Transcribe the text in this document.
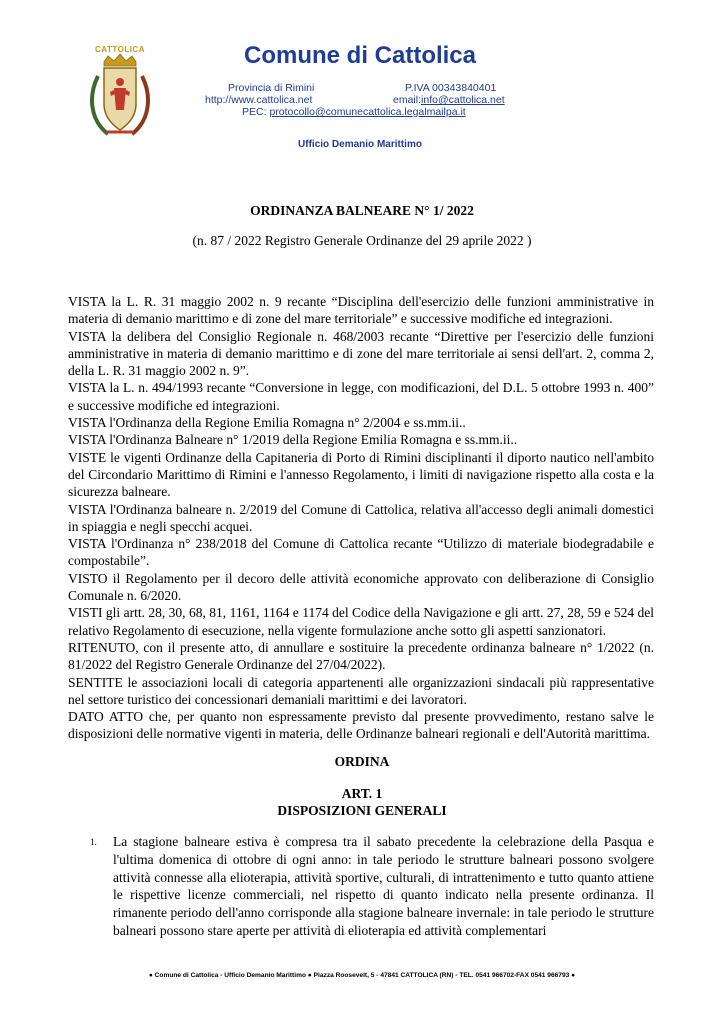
CATTOLICA	Comune di Cattolica
Provincia di Rimini	P.IVA 00343840401
http://www.cattolica.net	email:info@cattolica.net
PEC: protocollo@comunecattolica.legalmailpa.it
Ufficio Demanio Marittimo
ORDINANZA BALNEARE N° 1/ 2022
(n. 87 / 2022 Registro Generale Ordinanze del 29 aprile 2022 )

VISTA la L. R. 31 maggio 2002 n. 9 recante “Disciplina dell'esercizio delle funzioni amministrative in materia di demanio marittimo e di zone del mare territoriale” e successive modifiche ed integrazioni.

VISTA la delibera del Consiglio Regionale n. 468/2003 recante “Direttive per l'esercizio delle funzioni amministrative in materia di demanio marittimo e di zone del mare territoriale ai sensi dell'art. 2, comma 2, della L. R. 31 maggio 2002 n. 9”.

VISTA la L. n. 494/1993 recante “Conversione in legge, con modificazioni, del D.L. 5 ottobre 1993 n. 400” e successive modifiche ed integrazioni.

VISTA l'Ordinanza della Regione Emilia Romagna n° 2/2004 e ss.mm.ii..

VISTA l'Ordinanza Balneare n° 1/2019 della Regione Emilia Romagna e ss.mm.ii..

VISTE le vigenti Ordinanze della Capitaneria di Porto di Rimini disciplinanti il diporto nautico nell'ambito del Circondario Marittimo di Rimini e l'annesso Regolamento, i limiti di navigazione rispetto alla costa e la sicurezza balneare.

VISTA l'Ordinanza balneare n. 2/2019 del Comune di Cattolica, relativa all'accesso degli animali domestici in spiaggia e negli specchi acquei.

VISTA l'Ordinanza n° 238/2018 del Comune di Cattolica recante “Utilizzo di materiale biodegradabile e compostabile”.

VISTO il Regolamento per il decoro delle attività economiche approvato con deliberazione di Consiglio Comunale n. 6/2020.

VISTI gli artt. 28, 30, 68, 81, 1161, 1164 e 1174 del Codice della Navigazione e gli artt. 27, 28, 59 e 524 del relativo Regolamento di esecuzione, nella vigente formulazione anche sotto gli aspetti sanzionatori.

RITENUTO, con il presente atto, di annullare e sostituire la precedente ordinanza balneare n° 1/2022 (n. 81/2022 del Registro Generale Ordinanze del 27/04/2022).

SENTITE le associazioni locali di categoria appartenenti alle organizzazioni sindacali più rappresentative nel settore turistico dei concessionari demaniali marittimi e dei lavoratori.

DATO ATTO che, per quanto non espressamente previsto dal presente provvedimento, restano salve le disposizioni delle normative vigenti in materia, delle Ordinanze balneari regionali e dell'Autorità marittima.

ORDINA
ART. 1
DISPOSIZIONI GENERALI
1. La stagione balneare estiva è compresa tra il sabato precedente la celebrazione della Pasqua e l'ultima domenica di ottobre di ogni anno: in tale periodo le strutture balneari possono svolgere attività connesse alla elioterapia, attività sportive, culturali, di intrattenimento e tutto quanto attiene le rispettive licenze commerciali, nel rispetto di quanto indicato nella presente ordinanza. Il rimanente periodo dell'anno corrisponde alla stagione balneare invernale: in tale periodo le strutture balneari possono stare aperte per attività di elioterapia ed attività complementari
● Comune di Cattolica - Ufficio Demanio Marittimo ● Piazza Roosevelt, 5 - 47841 CATTOLICA (RN) - TEL. 0541 966702-FAX 0541 966793 ●
